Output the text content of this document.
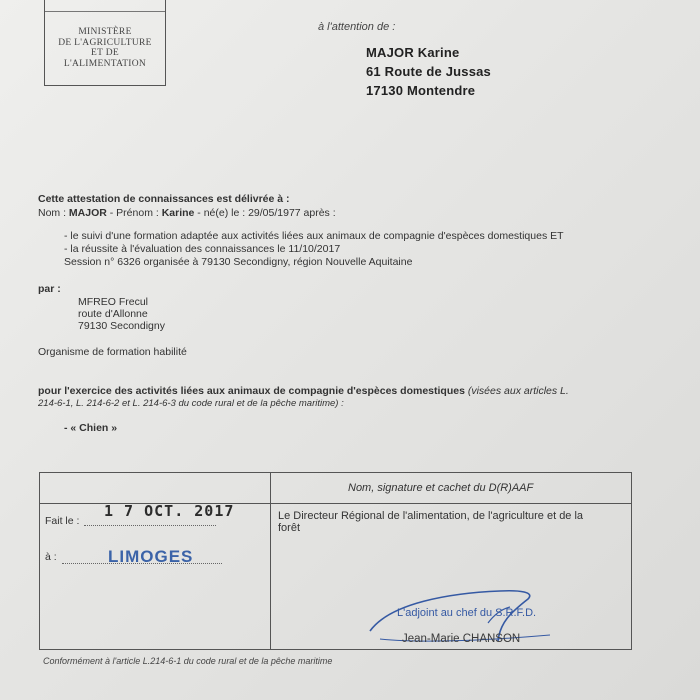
MINISTÈRE
DE L'AGRICULTURE
ET DE
L'ALIMENTATION
à l'attention de :
MAJOR Karine
61 Route de Jussas
17130 Montendre
Cette attestation de connaissances est délivrée à :
Nom : MAJOR - Prénom : Karine - né(e) le : 29/05/1977 après :
- le suivi d'une formation adaptée aux activités liées aux animaux de compagnie d'espèces domestiques ET
- la réussite à l'évaluation des connaissances le 11/10/2017
Session n° 6326 organisée à 79130 Secondigny, région Nouvelle Aquitaine
par :
MFREO Frecul
route d'Allonne
79130 Secondigny
Organisme de formation habilité
pour l'exercice des activités liées aux animaux de compagnie d'espèces domestiques (visées aux articles L.
214-6-1, L. 214-6-2 et L. 214-6-3 du code rural et de la pêche maritime) :
- « Chien »
Nom, signature et cachet du D(R)AAF
Fait le :
1 7 OCT. 2017
à :	LIMOGES
Le Directeur Régional de l'alimentation, de l'agriculture et de la
forêt
L'adjoint au chef du S.R.F.D.
Jean-Marie CHANSON
Conformément à l'article L.214-6-1 du code rural et de la pêche maritime
